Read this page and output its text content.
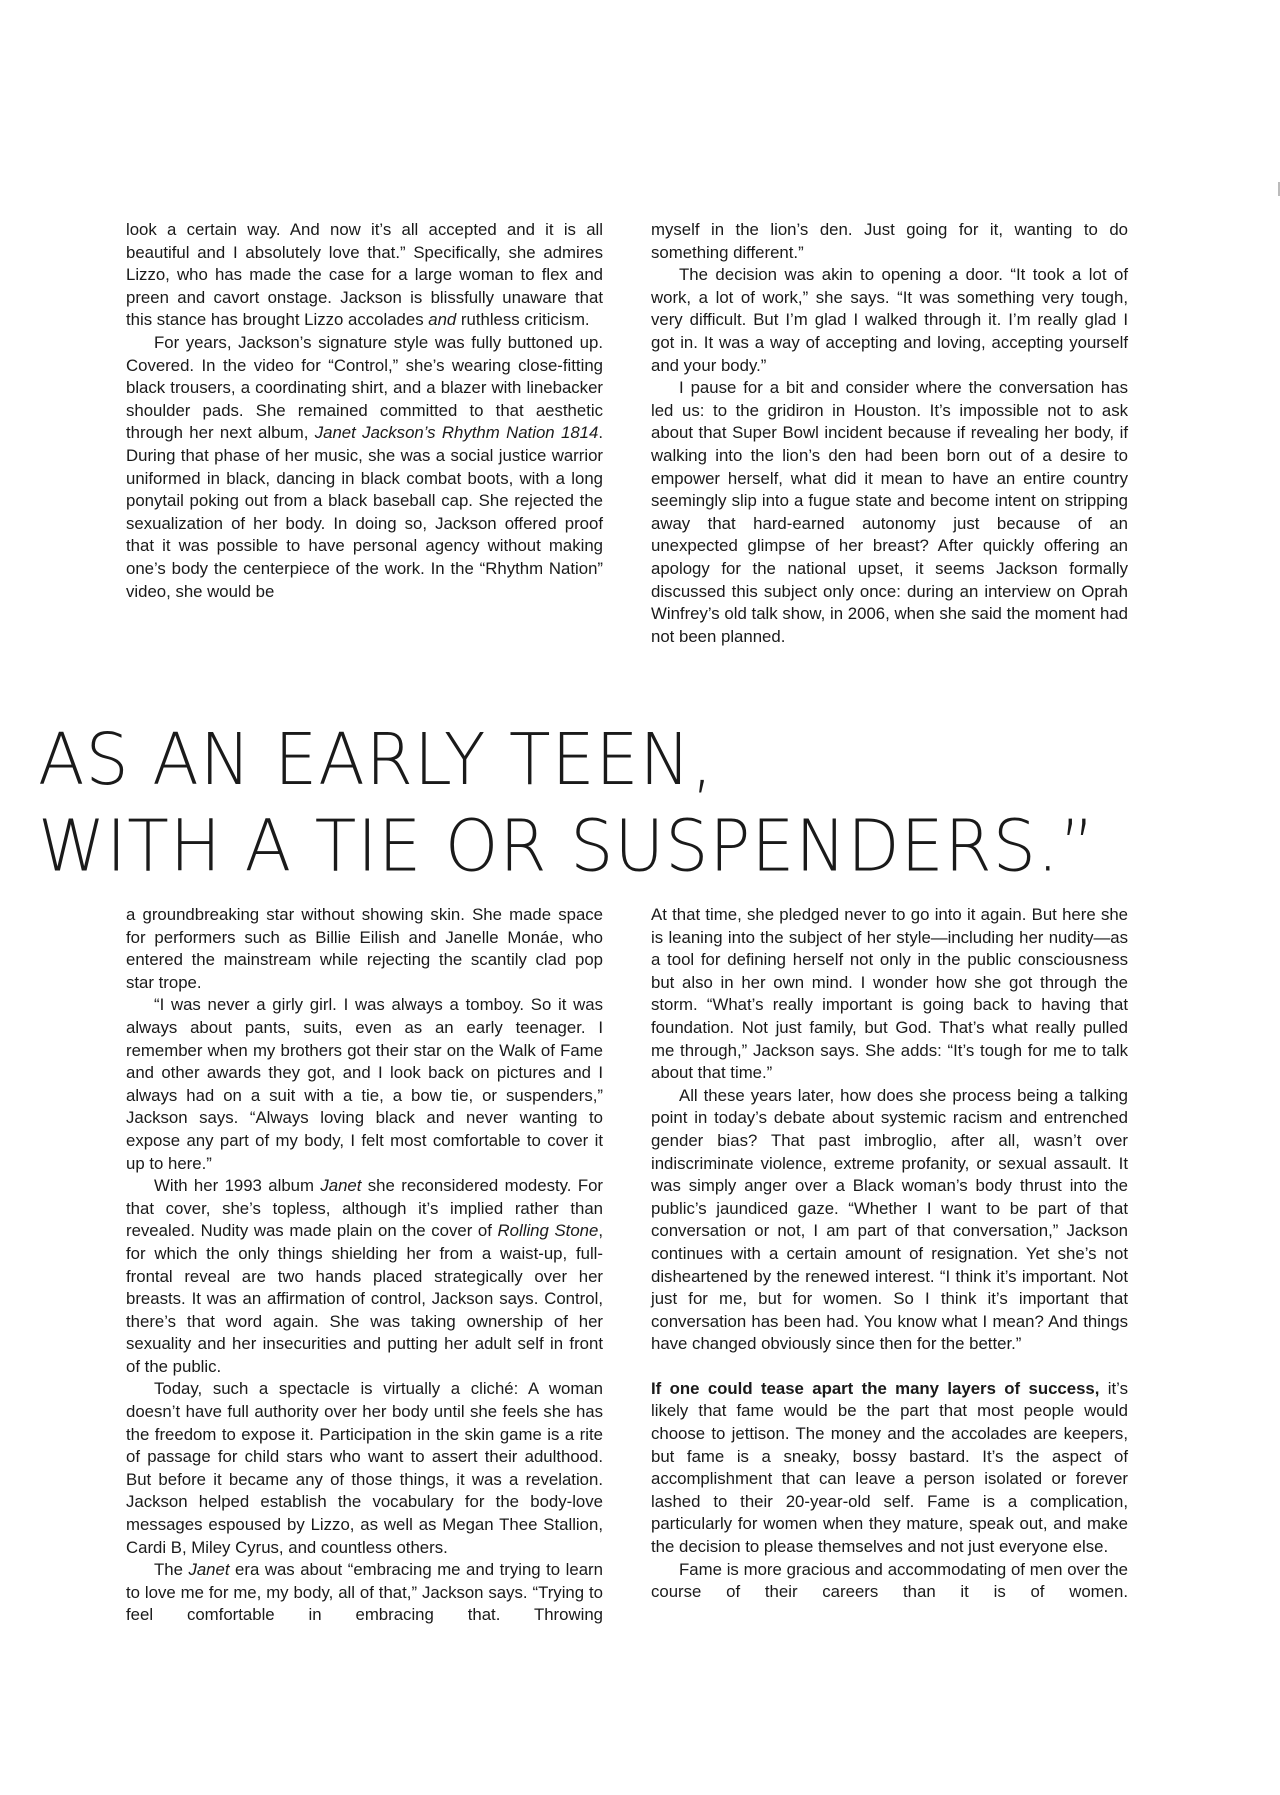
look a certain way. And now it’s all accepted and it is all beautiful and I absolutely love that.” Specifically, she admires Lizzo, who has made the case for a large woman to flex and preen and cavort onstage. Jackson is blissfully unaware that this stance has brought Lizzo accolades and ruthless criticism.

For years, Jackson’s signature style was fully buttoned up. Covered. In the video for “Control,” she’s wearing close-fitting black trousers, a coordinating shirt, and a blazer with linebacker shoulder pads. She remained committed to that aesthetic through her next album, Janet Jackson’s Rhythm Nation 1814. During that phase of her music, she was a social justice warrior uniformed in black, dancing in black combat boots, with a long ponytail poking out from a black baseball cap. She rejected the sexualization of her body. In doing so, Jackson offered proof that it was possible to have personal agency without making one’s body the centerpiece of the work. In the “Rhythm Nation” video, she would be

myself in the lion’s den. Just going for it, wanting to do something different.”

The decision was akin to opening a door. “It took a lot of work, a lot of work,” she says. “It was something very tough, very difficult. But I’m glad I walked through it. I’m really glad I got in. It was a way of accepting and loving, accepting yourself and your body.”

I pause for a bit and consider where the conversation has led us: to the gridiron in Houston. It’s impossible not to ask about that Super Bowl incident because if revealing her body, if walking into the lion’s den had been born out of a desire to empower herself, what did it mean to have an entire country seemingly slip into a fugue state and become intent on stripping away that hard-earned autonomy just because of an unexpected glimpse of her breast? After quickly offering an apology for the national upset, it seems Jackson formally discussed this subject only once: during an interview on Oprah Winfrey’s old talk show, in 2006, when she said the moment had not been planned.

AS AN EARLY TEEN,
WITH A TIE OR SUSPENDERS.”

a groundbreaking star without showing skin. She made space for performers such as Billie Eilish and Janelle Monáe, who entered the mainstream while rejecting the scantily clad pop star trope.

“I was never a girly girl. I was always a tomboy. So it was always about pants, suits, even as an early teenager. I remember when my brothers got their star on the Walk of Fame and other awards they got, and I look back on pictures and I always had on a suit with a tie, a bow tie, or suspenders,” Jackson says. “Always loving black and never wanting to expose any part of my body, I felt most comfortable to cover it up to here.”

With her 1993 album Janet she reconsidered modesty. For that cover, she’s topless, although it’s implied rather than revealed. Nudity was made plain on the cover of Rolling Stone, for which the only things shielding her from a waist-up, full-frontal reveal are two hands placed strategically over her breasts. It was an affirmation of control, Jackson says. Control, there’s that word again. She was taking ownership of her sexuality and her insecurities and putting her adult self in front of the public.

Today, such a spectacle is virtually a cliché: A woman doesn’t have full authority over her body until she feels she has the freedom to expose it. Participation in the skin game is a rite of passage for child stars who want to assert their adulthood. But before it became any of those things, it was a revelation. Jackson helped establish the vocabulary for the body-love messages espoused by Lizzo, as well as Megan Thee Stallion, Cardi B, Miley Cyrus, and countless others.

The Janet era was about “embracing me and trying to learn to love me for me, my body, all of that,” Jackson says. “Trying to feel comfortable in embracing that. Throwing

At that time, she pledged never to go into it again. But here she is leaning into the subject of her style—including her nudity—as a tool for defining herself not only in the public consciousness but also in her own mind. I wonder how she got through the storm. “What’s really important is going back to having that foundation. Not just family, but God. That’s what really pulled me through,” Jackson says. She adds: “It’s tough for me to talk about that time.”

All these years later, how does she process being a talking point in today’s debate about systemic racism and entrenched gender bias? That past imbroglio, after all, wasn’t over indiscriminate violence, extreme profanity, or sexual assault. It was simply anger over a Black woman’s body thrust into the public’s jaundiced gaze. “Whether I want to be part of that conversation or not, I am part of that conversation,” Jackson continues with a certain amount of resignation. Yet she’s not disheartened by the renewed interest. “I think it’s important. Not just for me, but for women. So I think it’s important that conversation has been had. You know what I mean? And things have changed obviously since then for the better.”

If one could tease apart the many layers of success, it’s likely that fame would be the part that most people would choose to jettison. The money and the accolades are keepers, but fame is a sneaky, bossy bastard. It’s the aspect of accomplishment that can leave a person isolated or forever lashed to their 20-year-old self. Fame is a complication, particularly for women when they mature, speak out, and make the decision to please themselves and not just everyone else.

Fame is more gracious and accommodating of men over the course of their careers than it is of women.
